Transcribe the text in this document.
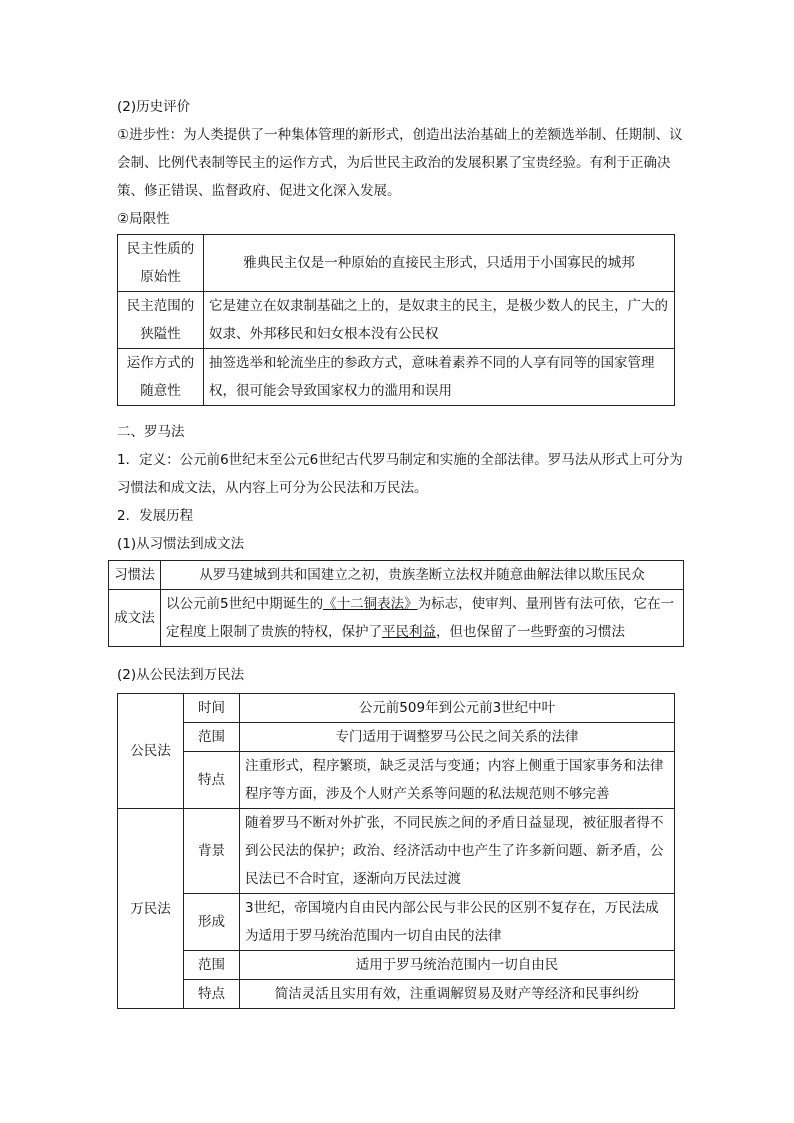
(2)历史评价

①进步性：为人类提供了一种集体管理的新形式，创造出法治基础上的差额选举制、任期制、议会制、比例代表制等民主的运作方式，为后世民主政治的发展积累了宝贵经验。有利于正确决策、修正错误、监督政府、促进文化深入发展。

②局限性

民主性质的原始性	雅典民主仅是一种原始的直接民主形式，只适用于小国寡民的城邦
民主范围的狭隘性	它是建立在奴隶制基础之上的，是奴隶主的民主，是极少数人的民主，广大的奴隶、外邦移民和妇女根本没有公民权
运作方式的随意性	抽签选举和轮流坐庄的参政方式，意味着素养不同的人享有同等的国家管理权，很可能会导致国家权力的滥用和误用

二、罗马法

1．定义：公元前6世纪末至公元6世纪古代罗马制定和实施的全部法律。罗马法从形式上可分为习惯法和成文法，从内容上可分为公民法和万民法。

2．发展历程

(1)从习惯法到成文法

习惯法	从罗马建城到共和国建立之初，贵族垄断立法权并随意曲解法律以欺压民众
成文法	以公元前5世纪中期诞生的《十二铜表法》为标志，使审判、量刑皆有法可依，它在一定程度上限制了贵族的特权，保护了平民利益，但也保留了一些野蛮的习惯法

(2)从公民法到万民法

公民法	时间	公元前509年到公元前3世纪中叶
	范围	专门适用于调整罗马公民之间关系的法律
	特点	注重形式，程序繁琐，缺乏灵活与变通；内容上侧重于国家事务和法律程序等方面，涉及个人财产关系等问题的私法规范则不够完善
万民法	背景	随着罗马不断对外扩张，不同民族之间的矛盾日益显现，被征服者得不到公民法的保护；政治、经济活动中也产生了许多新问题、新矛盾，公民法已不合时宜，逐渐向万民法过渡
	形成	3世纪，帝国境内自由民内部公民与非公民的区别不复存在，万民法成为适用于罗马统治范围内一切自由民的法律
	范围	适用于罗马统治范围内一切自由民
	特点	简洁灵活且实用有效，注重调解贸易及财产等经济和民事纠纷
